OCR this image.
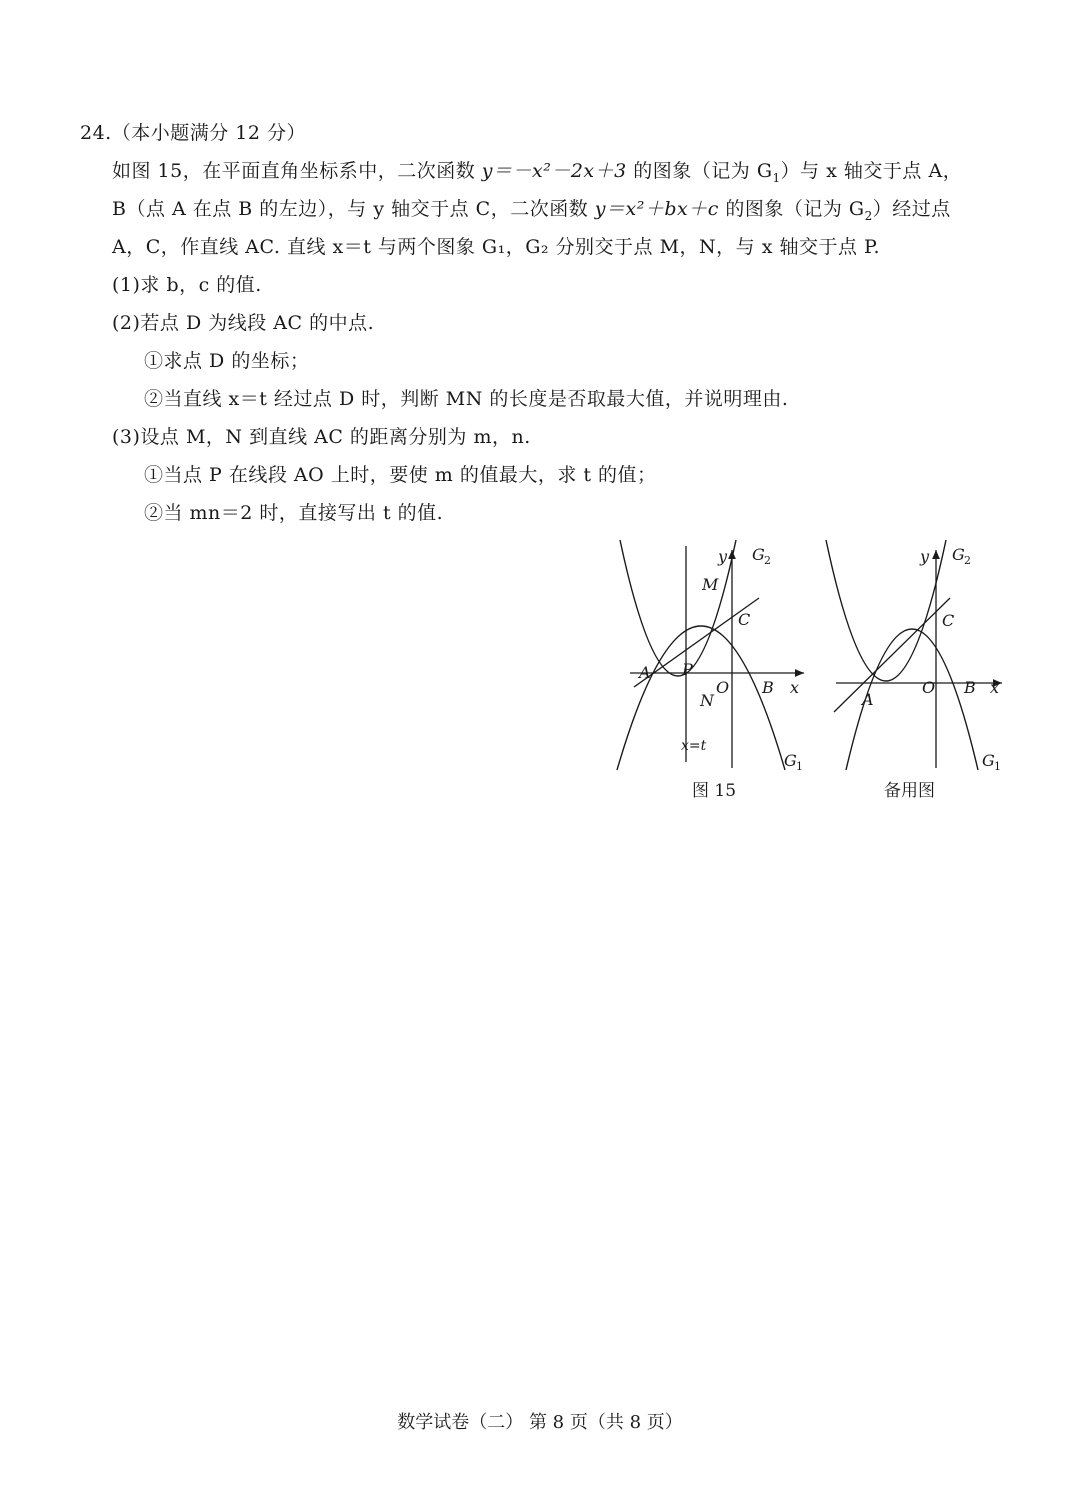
24.（本小题满分 12 分）
如图 15，在平面直角坐标系中，二次函数 y＝－x²－2x＋3 的图象（记为 $G_1$）与 x 轴交于点 A，
B（点 A 在点 B 的左边），与 y 轴交于点 C，二次函数 y＝x²＋bx＋c 的图象（记为 $G_2$）经过点
A，C，作直线 AC. 直线 x＝t 与两个图象 G₁，G₂ 分别交于点 M，N，与 x 轴交于点 P.
(1)求 b，c 的值.
(2)若点 D 为线段 AC 的中点.
①求点 D 的坐标；
②当直线 x＝t 经过点 D 时，判断 MN 的长度是否取最大值，并说明理由.
(3)设点 M，N 到直线 AC 的距离分别为 m，n.
①当点 P 在线段 AO 上时，要使 m 的值最大，求 t 的值；
②当 mn＝2 时，直接写出 t 的值.
y G 2
M
C
A P
N
O B x
x=t
G 1
图 15
y G 2
C
A
O B x
G 1
备用图
数学试卷（二） 第 8 页（共 8 页）
